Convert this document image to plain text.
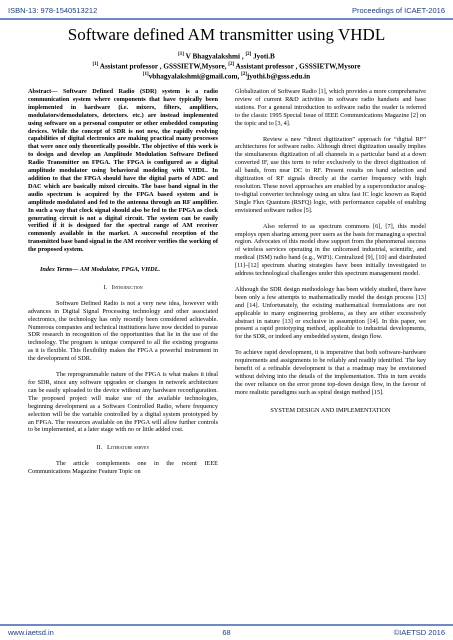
ISBN-13: 978-1540513212	Proceedings of ICAET-2016
Software defined AM transmitter using VHDL
[1] V Bhagyalakshmi , [2] Jyoti.B
[1] Assistant professor , GSSSIETW,Mysore, [2] Assistant professor , GSSSIETW,Mysore
[1]vbhagyalakshmi@gmail.com, [2]jyothi.b@gsss.edu.in

Abstract— Software Defined Radio (SDR) system is a radio communication system where components that have typically been implemented in hardware (i.e. mixers, filters, amplifiers, modulators/demodulators, detectors. etc.) are instead implemented using software on a personal computer or other embedded computing devices. While the concept of SDR is not new, the rapidly evolving capabilities of digital electronics are making practical many processes that were once only theoretically possible. The objective of this work is to design and develop an Amplitude Modulation Software Defined Radio Transmitter on FPGA. The FPGA is configured as a digital amplitude modulator using behavioral modeling with VHDL. In addition to that the FPGA should have the digital parts of ADC and DAC which are basically mixed circuits. The base band signal in the audio spectrum is acquired by the FPGA based system and is amplitude modulated and fed to the antenna through an RF amplifier. In such a way that clock signal should also be fed to the FPGA as clock generating circuit is not a digital circuit. The system can be easily verified if it is designed for the spectral range of AM receiver commonly available in the market. A successful reception of the transmitted base band signal in the AM receiver verifies the working of the proposed system.

Index Terms— AM Modulator, FPGA, VHDL.

I. Introduction

Software Defined Radio is not a very new idea, however with advances in Digital Signal Processing technology and other associated electronics, the technology has only recently been considered achievable. Numerous companies and technical institutions have now decided to pursue SDR research in recognition of the opportunities that lie in the use of the technology. The program is unique compared to all the existing programs as it is flexible. This flexibility makes the FPGA a powerful instrument in the development of SDR.

The reprogrammable nature of the FPGA is what makes it ideal for SDR, since any software upgrades or changes in network architecture can be easily uploaded to the device without any hardware reconfiguration. The proposed project will make use of the available technologies, beginning development as a Software Controlled Radio, where frequency selection will be the variable controlled by a digital system prototyped by an FPGA. The resources available on the FPGA will allow further controls to be implemented, at a later stage with no or little added cost.

II. Literature servey

The article complements one in the recent IEEE Communications Magazine Feature Topic on

Globalization of Software Radio [1], which provides a more comprehensive review of current R&D activities in software radio handsets and base stations. For a general introduction to software radio the reader is referred to the classic 1995 Special Issue of IEEE Communications Magazine [2] on the topic and to [3, 4].

Review a new “direct digitization” approach for “digital RF” architectures for software radio. Although direct digitization usually implies the simultaneous digitization of all channels in a particular band at a down converted IF, use this term to refer exclusively to the direct digitization of all bands, from near DC to RF. Present results on band selection and digitization of RF signals directly at the carrier frequency with high resolution. These novel approaches are enabled by a superconductor analog-to-digital converter technology using an ultra fast IC logic known as Rapid Single Flux Quantum (RSFQ) logic, with performance capable of enabling envisioned software radios [5].

Also referred to as spectrum commons [6], [7], this model employs open sharing among peer users as the basis for managing a spectral region. Advocates of this model draw support from the phenomenal success of wireless services operating in the unlicensed industrial, scientific, and medical (ISM) radio band (e.g., WiFi). Centralized [9], [10] and distributed [11]–[12] spectrum sharing strategies have been initially investigated to address technological challenges under this spectrum management model.

Although the SDR design methodology has been widely studied, there have been only a few attempts to mathematically model the design process [13] and [14]. Unfortunately, the existing mathematical formulations are not applicable to many engineering problems, as they are either excessively abstract in nature [13] or exclusive in assumption [14]. In this paper, we present a rapid prototyping method, applicable to industrial developments, for the SDR, or indeed any embedded system, design flow.

To achieve rapid development, it is imperative that both software-hardware requirements and assignments to be reliably and readily identified. The key benefit of a refinable development is that a roadmap may be envisioned without delving into the details of the implementation. This in turn avoids the over reliance on the error prone top-down design flow, in the favour of more realistic paradigms such as spiral design method [15].

SYSTEM DESIGN AND IMPLEMENTATION

www.iaetsd.in	68	©IAETSD 2016
